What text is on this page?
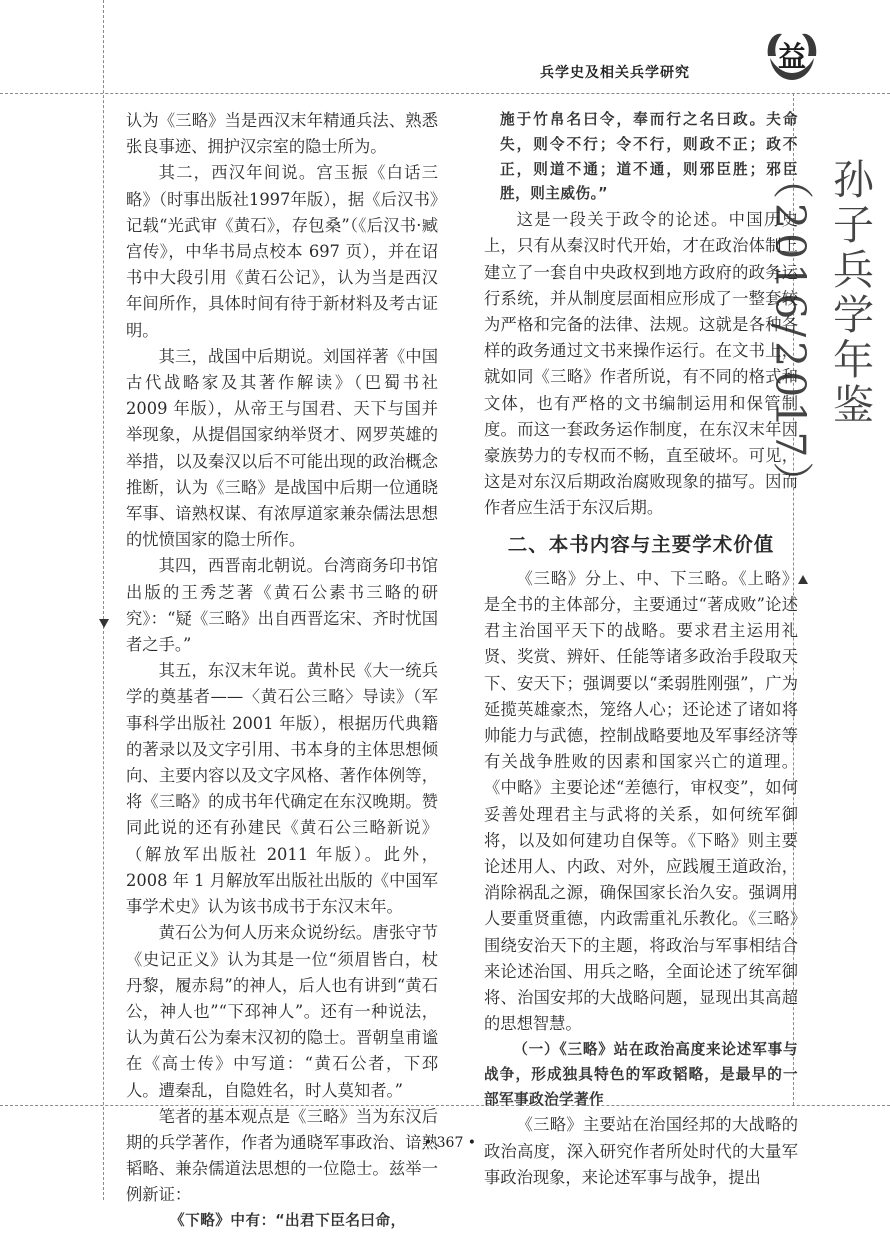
兵学史及相关兵学研究	益
孙子兵学年鉴（2016/2017）

认为《三略》当是西汉末年精通兵法、熟悉张良事迹、拥护汉宗室的隐士所为。

其二，西汉年间说。宫玉振《白话三略》（时事出版社1997年版），据《后汉书》记载“光武审《黄石》，存包桑”（《后汉书·臧宫传》，中华书局点校本 697 页），并在诏书中大段引用《黄石公记》，认为当是西汉年间所作，具体时间有待于新材料及考古证明。

其三，战国中后期说。刘国祥著《中国古代战略家及其著作解读》（巴蜀书社 2009 年版），从帝王与国君、天下与国并举现象，从提倡国家纳举贤才、网罗英雄的举措，以及秦汉以后不可能出现的政治概念推断，认为《三略》是战国中后期一位通晓军事、谙熟权谋、有浓厚道家兼杂儒法思想的忧愤国家的隐士所作。

其四，西晋南北朝说。台湾商务印书馆出版的王秀芝著《黄石公素书三略的研究》：“疑《三略》出自西晋迄宋、齐时忧国者之手。”

其五，东汉末年说。黄朴民《大一统兵学的奠基者——〈黄石公三略〉导读》（军事科学出版社 2001 年版），根据历代典籍的著录以及文字引用、书本身的主体思想倾向、主要内容以及文字风格、著作体例等，将《三略》的成书年代确定在东汉晚期。赞同此说的还有孙建民《黄石公三略新说》（解放军出版社 2011 年版）。此外，2008 年 1 月解放军出版社出版的《中国军事学术史》认为该书成书于东汉末年。

黄石公为何人历来众说纷纭。唐张守节《史记正义》认为其是一位“须眉皆白，杖丹黎，履赤舄”的神人，后人也有讲到“黄石公，神人也”“下邳神人”。还有一种说法，认为黄石公为秦末汉初的隐士。晋朝皇甫谧在《高士传》中写道：“黄石公者，下邳人。遭秦乱，自隐姓名，时人莫知者。”

笔者的基本观点是《三略》当为东汉后期的兵学著作，作者为通晓军事政治、谙熟韬略、兼杂儒道法思想的一位隐士。兹举一例新证：

《下略》中有：“出君下臣名曰命，

施于竹帛名曰令，奉而行之名曰政。夫命失，则令不行；令不行，则政不正；政不正，则道不通；道不通，则邪臣胜；邪臣胜，则主威伤。”

这是一段关于政令的论述。中国历史上，只有从秦汉时代开始，才在政治体制上建立了一套自中央政权到地方政府的政务运行系统，并从制度层面相应形成了一整套较为严格和完备的法律、法规。这就是各种各样的政务通过文书来操作运行。在文书上，就如同《三略》作者所说，有不同的格式和文体，也有严格的文书编制运用和保管制度。而这一套政务运作制度，在东汉末年因豪族势力的专权而不畅，直至破坏。可见，这是对东汉后期政治腐败现象的描写。因而作者应生活于东汉后期。

二、本书内容与主要学术价值

《三略》分上、中、下三略。《上略》是全书的主体部分，主要通过“著成败”论述君主治国平天下的战略。要求君主运用礼贤、奖赏、辨奸、任能等诸多政治手段取天下、安天下；强调要以“柔弱胜刚强”，广为延揽英雄豪杰，笼络人心；还论述了诸如将帅能力与武德，控制战略要地及军事经济等有关战争胜败的因素和国家兴亡的道理。《中略》主要论述“差德行，审权变”，如何妥善处理君主与武将的关系，如何统军御将，以及如何建功自保等。《下略》则主要论述用人、内政、对外，应践履王道政治，消除祸乱之源，确保国家长治久安。强调用人要重贤重德，内政需重礼乐教化。《三略》围绕安治天下的主题，将政治与军事相结合来论述治国、用兵之略，全面论述了统军御将、治国安邦的大战略问题，显现出其高超的思想智慧。

（一）《三略》站在政治高度来论述军事与战争，形成独具特色的军政韬略，是最早的一部军事政治学著作

《三略》主要站在治国经邦的大战略的政治高度，深入研究作者所处时代的大量军事政治现象，来论述军事与战争，提出

• 367 •
